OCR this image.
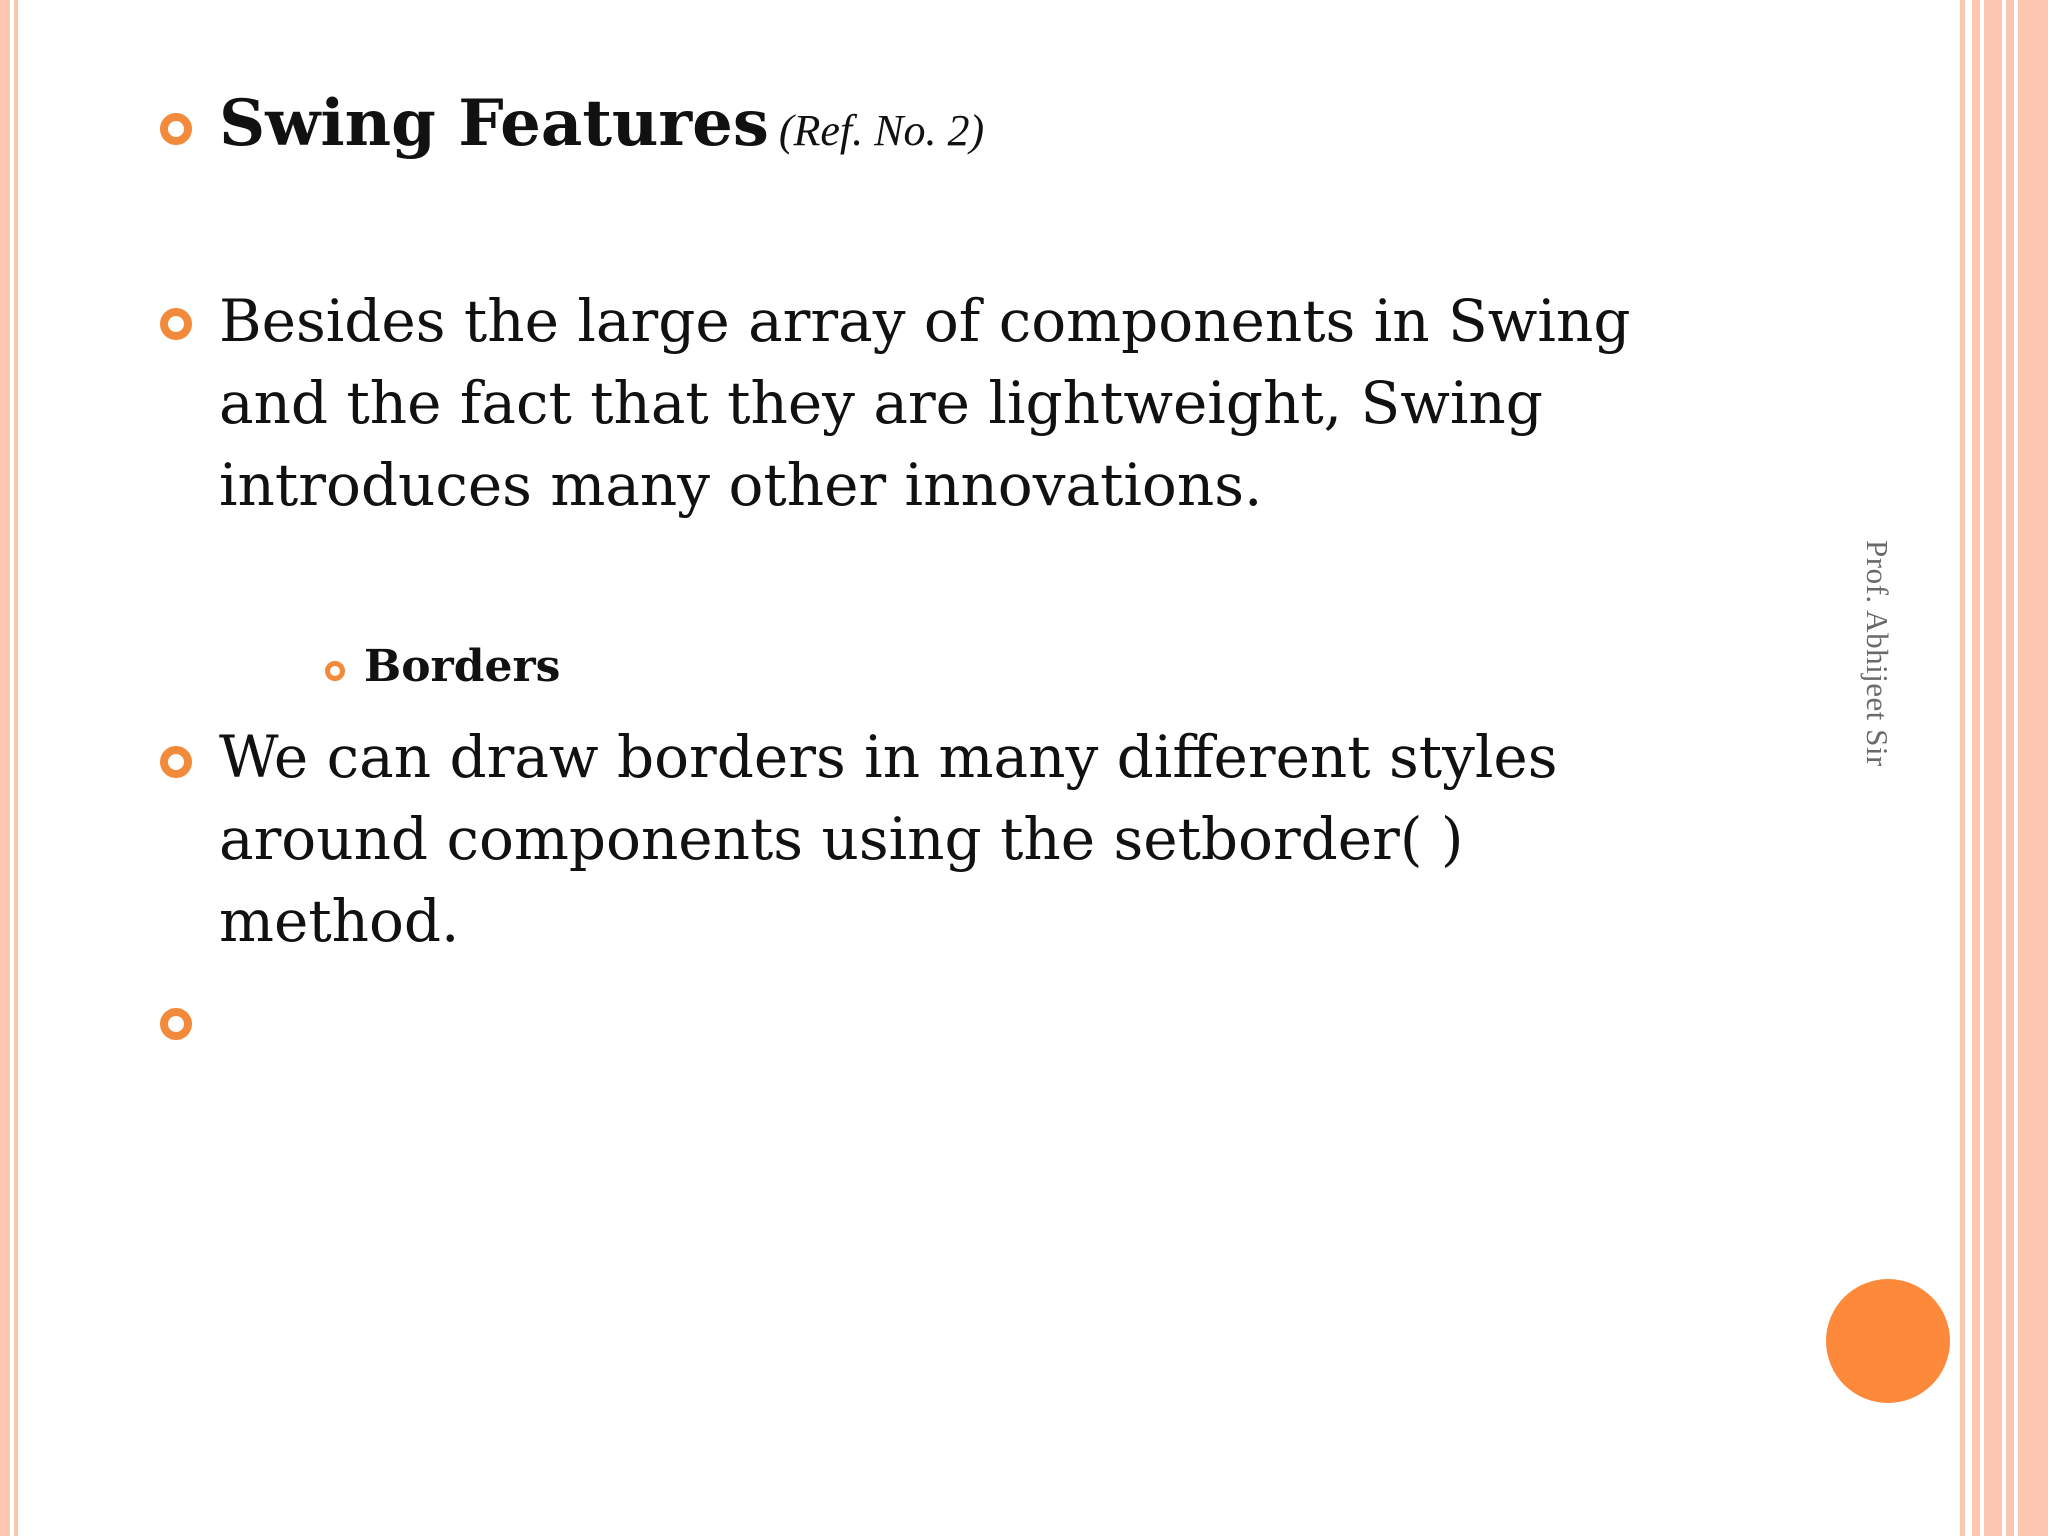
Prof. Abhijeet Sir
Swing Features (Ref. No. 2)
Besides the large array of components in Swing
and the fact that they are lightweight, Swing
introduces many other innovations.
Borders
We can draw borders in many different styles
around components using the setborder( )
method.
